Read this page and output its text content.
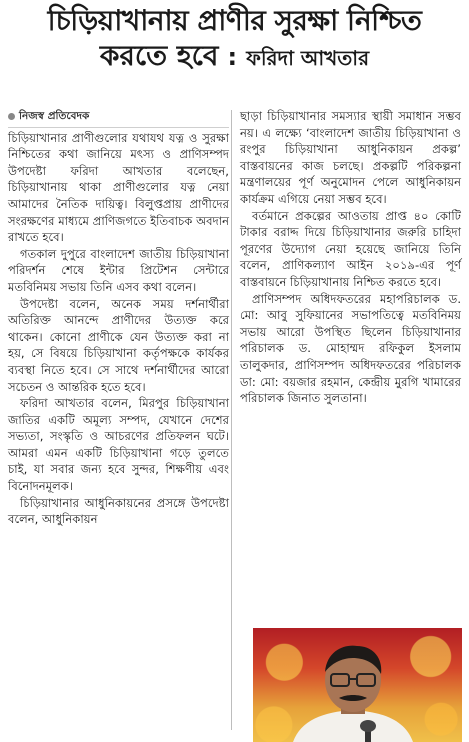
চিড়িয়াখানায় প্রাণীর সুরক্ষা নিশ্চিত
করতে হবে : ফরিদা আখতার
নিজস্ব প্রতিবেদক

চিড়িয়াখানার প্রাণীগুলোর যথাযথ যত্ন ও সুরক্ষা নিশ্চিতের কথা জানিয়ে মৎস্য ও প্রাণিসম্পদ উপদেষ্টা ফরিদা আখতার বলেছেন, চিড়িয়াখানায় থাকা প্রাণীগুলোর যত্ন নেয়া আমাদের নৈতিক দায়িত্ব। বিলুপ্তপ্রায় প্রাণীদের সংরক্ষণের মাধ্যমে প্রাণিজগতে ইতিবাচক অবদান রাখতে হবে।

গতকাল দুপুরে বাংলাদেশ জাতীয় চিড়িয়াখানা পরিদর্শন শেষে ইন্টার প্রিটেশন সেন্টারে মতবিনিময় সভায় তিনি এসব কথা বলেন।

উপদেষ্টা বলেন, অনেক সময় দর্শনার্থীরা অতিরিক্ত আনন্দে প্রাণীদের উত্যক্ত করে থাকেন। কোনো প্রাণীকে যেন উত্যক্ত করা না হয়, সে বিষয়ে চিড়িয়াখানা কর্তৃপক্ষকে কার্যকর ব্যবস্থা নিতে হবে। সে সাথে দর্শনার্থীদের আরো সচেতন ও আন্তরিক হতে হবে।

ফরিদা আখতার বলেন, মিরপুর চিড়িয়াখানা জাতির একটি অমূল্য সম্পদ, যেখানে দেশের সভ্যতা, সংস্কৃতি ও আচরণের প্রতিফলন ঘটে। আমরা এমন একটি চিড়িয়াখানা গড়ে তুলতে চাই, যা সবার জন্য হবে সুন্দর, শিক্ষণীয় এবং বিনোদনমূলক।

চিড়িয়াখানার আধুনিকায়নের প্রসঙ্গে উপদেষ্টা বলেন, আধুনিকায়ন

ছাড়া চিড়িয়াখানার সমস্যার স্থায়ী সমাধান সম্ভব নয়। এ লক্ষ্যে ‘বাংলাদেশ জাতীয় চিড়িয়াখানা ও রংপুর চিড়িয়াখানা আধুনিকায়ন প্রকল্প’ বাস্তবায়নের কাজ চলছে। প্রকল্পটি পরিকল্পনা মন্ত্রণালয়ের পূর্ণ অনুমোদন পেলে আধুনিকায়ন কার্যক্রম এগিয়ে নেয়া সম্ভব হবে।

বর্তমানে প্রকল্পের আওতায় প্রাপ্ত ৪০ কোটি টাকার বরাদ্দ দিয়ে চিড়িয়াখানার জরুরি চাহিদা পূরণের উদ্যোগ নেয়া হয়েছে জানিয়ে তিনি বলেন, প্রাণিকল্যাণ আইন ২০১৯-এর পূর্ণ বাস্তবায়নে চিড়িয়াখানায় নিশ্চিত করতে হবে।

প্রাণিসম্পদ অধিদফতরের মহাপরিচালক ড. মো: আবু সুফিয়ানের সভাপতিত্বে মতবিনিময় সভায় আরো উপস্থিত ছিলেন চিড়িয়াখানার পরিচালক ড. মোহাম্মদ রফিকুল ইসলাম তালুকদার, প্রাণিসম্পদ অধিদফতরের পরিচালক ডা: মো: বয়জার রহমান, কেন্দ্রীয় মুরগি খামারের পরিচালক জিনাত সুলতানা।
